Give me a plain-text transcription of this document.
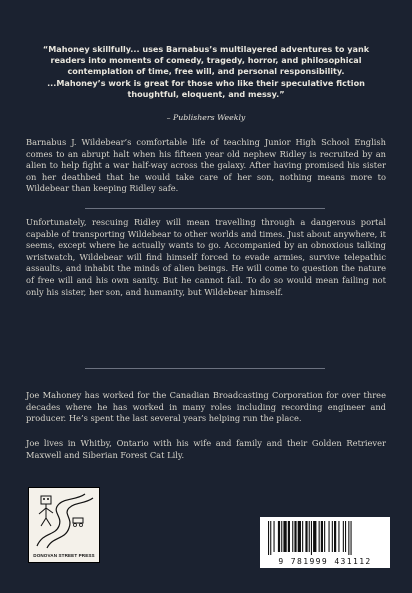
“Mahoney skillfully... uses Barnabus’s multilayered adventures to yank readers into moments of comedy, tragedy, horror, and philosophical contemplation of time, free will, and personal responsibility. ...Mahoney’s work is great for those who like their speculative fiction thoughtful, eloquent, and messy.”
– Publishers Weekly
Barnabus J. Wildebear’s comfortable life of teaching Junior High School English comes to an abrupt halt when his fifteen year old nephew Ridley is recruited by an alien to help fight a war half-way across the galaxy. After having promised his sister on her deathbed that he would take care of her son, nothing means more to Wildebear than keeping Ridley safe.
Unfortunately, rescuing Ridley will mean travelling through a dangerous portal capable of transporting Wildebear to other worlds and times. Just about anywhere, it seems, except where he actually wants to go. Accompanied by an obnoxious talking wristwatch, Wildebear will find himself forced to evade armies, survive telepathic assaults, and inhabit the minds of alien beings. He will come to question the nature of free will and his own sanity. But he cannot fail. To do so would mean failing not only his sister, her son, and humanity, but Wildebear himself.
Joe Mahoney has worked for the Canadian Broadcasting Corporation for over three decades where he has worked in many roles including recording engineer and producer. He’s spent the last several years helping run the place.
Joe lives in Whitby, Ontario with his wife and family and their Golden Retriever Maxwell and Siberian Forest Cat Lily.
DONOVAN STREET PRESS
9 781999 431112
